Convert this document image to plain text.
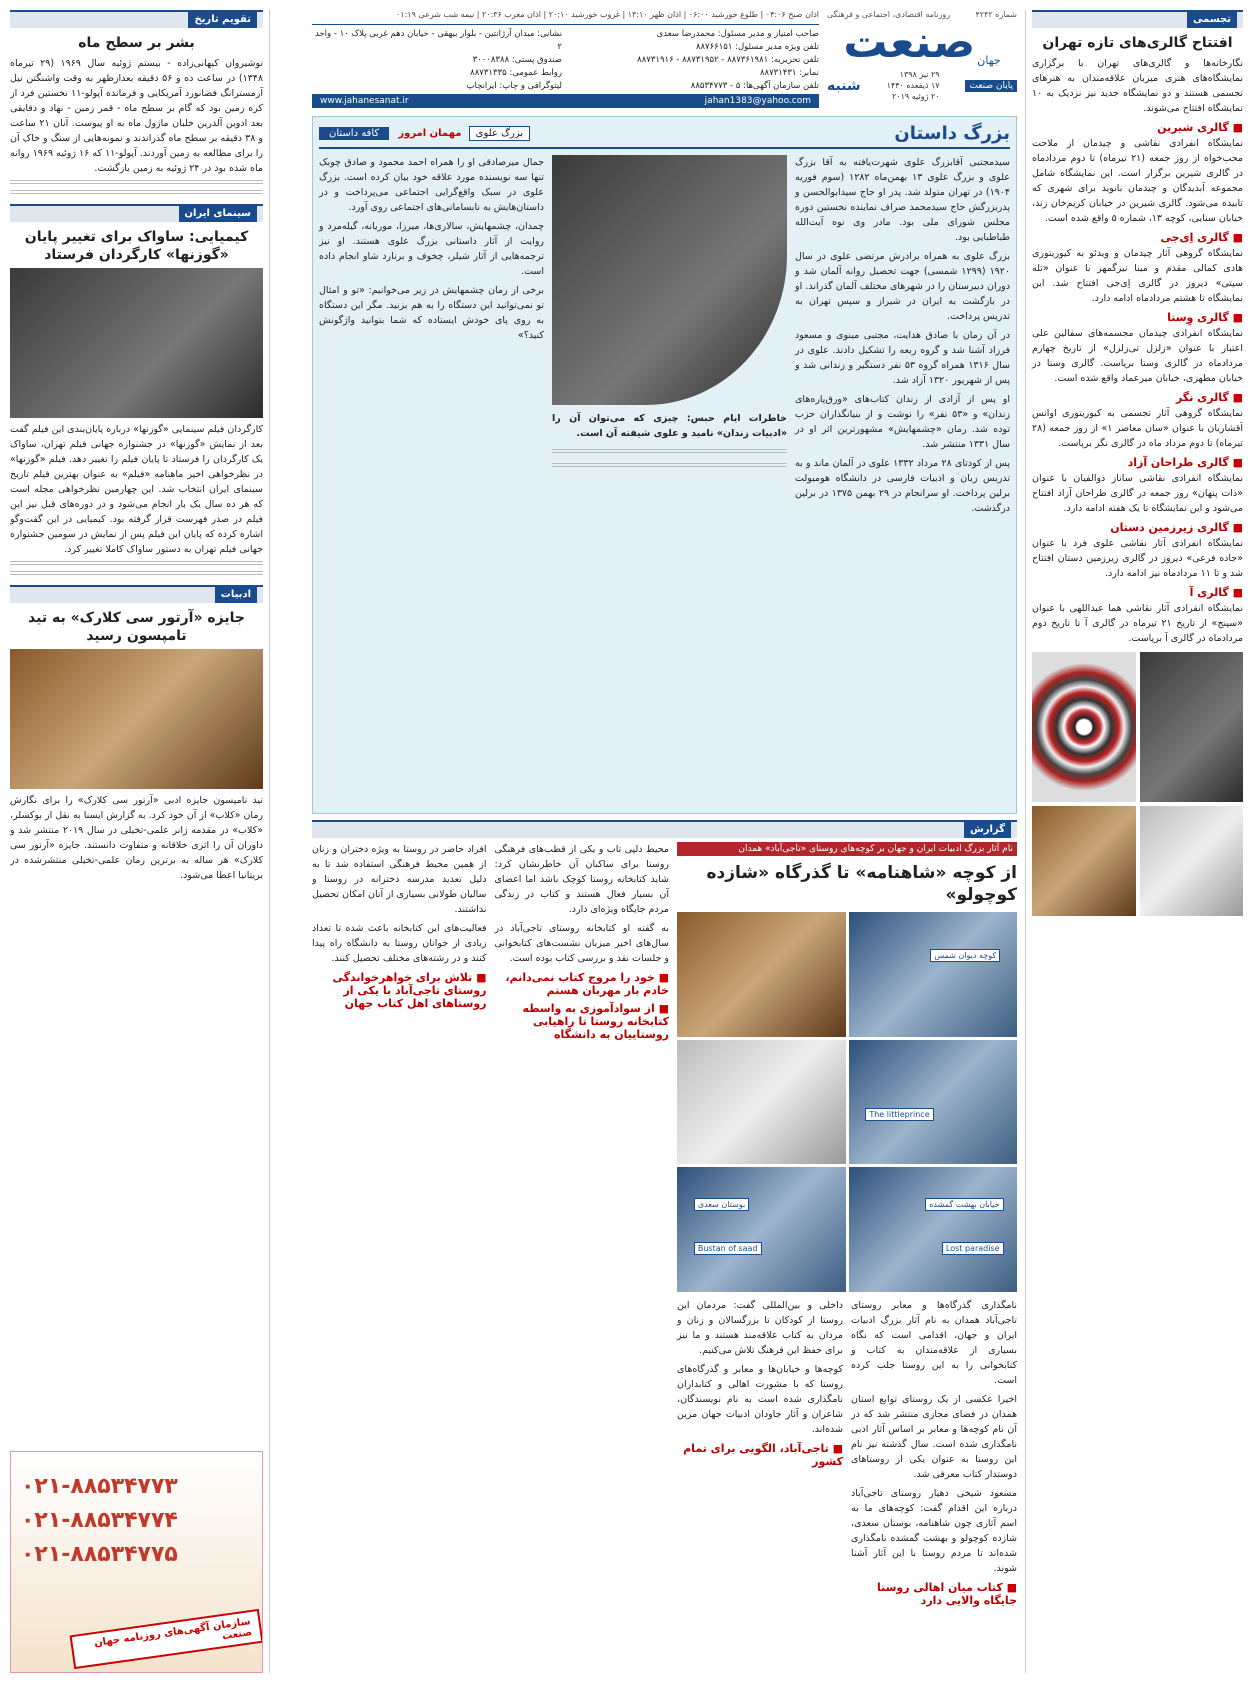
تجسمی
افتتاح گالری‌های تازه تهران

نگارخانه‌ها و گالری‌های تهران با برگزاری نمایشگاه‌های هنری میزبان علاقه‌مندان به هنرهای تجسمی هستند و دو نمایشگاه جدید نیز نزدیک به ۱۰ نمایشگاه افتتاح می‌شوند.

■ گالری شیرین

نمایشگاه انفرادی نقاشی و چیدمان از ملاحت محب‌خواه از روز جمعه (۲۱ تیرماه) تا دوم مردادماه در گالری شیرین برگزار است. این نمایشگاه شامل مجموعه آبدیدگان و چیدمان بانوید برای شهری که تابیده می‌شود. گالری شیرین در خیابان کریم‌خان زند، خیابان سنایی، کوچه ۱۳، شماره ۵ واقع شده است.

■ گالری اِی‌جی

نمایشگاه گروهی آثار چیدمان و ویدئو به کیوریتوری هادی کمالی مقدم و مینا نیزگمهر با عنوان «تله سپتی» دیروز در گالری اِی‌جی افتتاح شد. این نمایشگاه تا هشتم مردادماه ادامه دارد.

■ گالری وِستا

نمایشگاه انفرادی چیدمان مجسمه‌های سفالین علی اعتبار با عنوان «زلزل تی‌زلزل» از تاریخ چهارم مردادماه در گالری وستا برپاست. گالری وستا در خیابان مطهری، خیابان میرعماد واقع شده است.

■ گالری نگر

نمایشگاه گروهی آثار تجسمی به کیوریتوری اوانس آقشاریان با عنوان «سان معاصر ۱» از روز جمعه (۲۸ تیرماه) تا دوم مرداد ماه در گالری نگر برپاست.

■ گالری طراحان آزاد

نمایشگاه انفرادی نقاشی ساناز ذوالفیان با عنوان «ذات پنهان» روز جمعه در گالری طراحان آزاد افتتاح می‌شود و این نمایشگاه تا یک هفته ادامه دارد.

■ گالری زیرزمین دستان

نمایشگاه انفرادی آثار نقاشی علوی فرد با عنوان «جاده فرعی» دیروز در گالری زیرزمین دستان افتتاح شد و تا ۱۱ مردادماه نیز ادامه دارد.

■ گالری آ

نمایشگاه انفرادی آثار نقاشی هما عبداللهی با عنوان «سپنج» از تاریخ ۲۱ تیرماه در گالری آ تا تاریخ دوم مردادماه در گالری آ برپاست.

شماره ۴۲۴۲
روزنامه اقتصادی، اجتماعی و فرهنگی
جهان
صنعت
پایان صنعت
۲۹ تیر ۱۳۹۸
۱۷ ذیقعده ۱۴۴۰
۲۰ ژوئیه ۲۰۱۹
شنبه
اذان صبح ۰۴:۰۶ | طلوع خورشید ۰۶:۰۰ | اذان ظهر ۱۳:۱۰ | غروب خورشید ۲۰:۱۰ | اذان مغرب ۲۰:۳۶ | نیمه شب شرعی ۰۱:۱۹
صاحب امتیاز و مدیر مسئول: محمدرضا سعدی
تلفن ویژه مدیر مسئول: ۸۸۷۶۶۱۵۱
تلفن تحریریه: ۸۸۷۳۶۱۹۸۱ - ۸۸۷۳۱۹۵۲ - ۸۸۷۳۱۹۱۶
نمابر: ۸۸۷۳۱۴۳۱
تلفن سازمان آگهی‌ها: ۵ - ۸۸۵۳۴۷۷۳
نشانی: میدان آرژانتین - بلوار بیهقی - خیابان دهم غربی پلاک ۱۰ - واحد ۲
صندوق پستی: ۳۰۰۰۸۳۸۸
روابط عمومی: ۸۸۷۳۱۳۳۵
لیتوگرافی و چاپ: ایرانچاپ
www.jahanesanat.ir	jahan1383@yahoo.com
بزرگ داستان
بزرگ علوی مهمان امروز کافه داستان

سیدمجتبی آقابزرگ علوی شهرت‌یافته به آقا بزرگ علوی و بزرگ علوی ۱۳ بهمن‌ماه ۱۲۸۲ (سوم فوریه ۱۹۰۴) در تهران متولد شد. پدر او حاج سیدابوالحسن و پدربزرگش حاج سیدمحمد صراف نماینده نخستین دوره مجلس شورای ملی بود. مادر وی نوه آیت‌الله طباطبایی بود.

بزرگ علوی به همراه برادرش مرتضی علوی در سال ۱۹۲۰ (۱۲۹۹ شمسی) جهت تحصیل روانه آلمان شد و دوران دبیرستان را در شهرهای مختلف آلمان گذراند. او در بازگشت به ایران در شیراز و سپس تهران به تدریس پرداخت.

در آن زمان با صادق هدایت، مجتبی مینوی و مسعود فرزاد آشنا شد و گروه ربعه را تشکیل دادند. علوی در سال ۱۳۱۶ همراه گروه ۵۳ نفر دستگیر و زندانی شد و پس از شهریور ۱۳۲۰ آزاد شد.

او پس از آزادی از زندان کتاب‌های «ورق‌پاره‌های زندان» و «۵۳ نفر» را نوشت و از بنیانگذاران حزب توده شد. رمان «چشمهایش» مشهورترین اثر او در سال ۱۳۳۱ منتشر شد.

پس از کودتای ۲۸ مرداد ۱۳۳۲ علوی در آلمان ماند و به تدریس زبان و ادبیات فارسی در دانشگاه هومبولت برلین پرداخت. او سرانجام در ۲۹ بهمن ۱۳۷۵ در برلین درگذشت.

خاطرات ایام حبس: چیزی که می‌توان آن را «ادبیات زندان» نامید و علوی شیفته آن است.

جمال میرصادقی او را همراه احمد محمود و صادق چوبک تنها سه نویسنده مورد علاقه خود بیان کرده است. بزرگ علوی در سبک واقع‌گرایی اجتماعی می‌پرداخت و در داستان‌هایش به نابسامانی‌های اجتماعی روی آورد.

چمدان، چشمهایش، سالاری‌ها، میرزا، موریانه، گیله‌مرد و روایت از آثار داستانی بزرگ علوی هستند. او نیز ترجمه‌هایی از آثار شیلر، چخوف و برنارد شاو انجام داده است.

برخی از رمان چشمهایش در زیر می‌خوانیم: «تو و امثال تو نمی‌توانید این دستگاه را به هم بزنید. مگر این دستگاه به روی پای خودش ایستاده که شما بتوانید واژگونش کنید؟»

گزارش
نام آثار بزرگ ادبیات ایران و جهان بر کوچه‌های روستای «تاجی‌آباد» همدان
از کوچه «شاهنامه» تا گذرگاه «شازده کوچولو»
کوچه دیوان شمس
The littleprince
خیابان بهشت گمشده
Lost paradise
بوستان سعدی
Bustan of saad

نامگذاری گذرگاه‌ها و معابر روستای تاجی‌آباد همدان به نام آثار بزرگ ادبیات ایران و جهان، اقدامی است که نگاه بسیاری از علاقه‌مندان به کتاب و کتابخوانی را به این روستا جلب کرده است.

اخیرا عکسی از یک روستای توابع استان همدان در فضای مجازی منتشر شد که در آن نام کوچه‌ها و معابر بر اساس آثار ادبی نامگذاری شده است. سال گذشته نیز نام این روستا به عنوان یکی از روستاهای دوستدار کتاب معرفی شد.

مسعود شیخی دهیار روستای تاجی‌آباد درباره این اقدام گفت: کوچه‌های ما به اسم آثاری چون شاهنامه، بوستان سعدی، شازده کوچولو و بهشت گمشده نامگذاری شده‌اند تا مردم روستا با این آثار آشنا شوند.

■ کتاب میان اهالی روستا جایگاه والایی دارد

داخلی و بین‌المللی گفت: مردمان این روستا از کودکان تا بزرگسالان و زنان و مردان به کتاب علاقه‌مند هستند و ما نیز برای حفظ این فرهنگ تلاش می‌کنیم.

کوچه‌ها و خیابان‌ها و معابر و گذرگاه‌های روستا که با مشورت اهالی و کتابداران نامگذاری شده است به نام نویسندگان، شاعران و آثار جاودان ادبیات جهان مزین شده‌اند.

■ تاجی‌آباد، الگویی برای تمام کشور

محیط دلپی تاب و یکی از قطب‌های فرهنگی روستا برای ساکنان آن خاطرنشان کرد: شاید کتابخانه روستا کوچک باشد اما اعضای آن بسیار فعال هستند و کتاب در زندگی مردم جایگاه ویژه‌ای دارد.

به گفته او کتابخانه روستای تاجی‌آباد در سال‌های اخیر میزبان نشست‌های کتابخوانی و جلسات نقد و بررسی کتاب بوده است.

■ خود را مروج کتاب نمی‌دانم، خادم بار مهربان هستم
■ از سوادآموزی به واسطه کتابخانه روستا تا راهیابی روستاییان به دانشگاه

افراد حاضر در روستا به ویژه دختران و زنان از همین محیط فرهنگی استفاده شد تا به دلیل تعدید مدرسه دخترانه در روستا و سالیان طولانی بسیاری از آنان امکان تحصیل نداشتند.

فعالیت‌های این کتابخانه باعث شده تا تعداد زیادی از جوانان روستا به دانشگاه راه پیدا کنند و در رشته‌های مختلف تحصیل کنند.

■ تلاش برای خواهرخواندگی روستای تاجی‌آباد با یکی از روستاهای اهل کتاب جهان
تقویم تاریخ
بشر بر سطح ماه

نوشیروان کیهانی‌زاده - بیستم ژوئیه سال ۱۹۶۹ (۲۹ تیرماه ۱۳۴۸) در ساعت ده و ۵۶ دقیقه بعدازظهر به وقت واشنگتن نیل آرمسترانگ فضانورد آمریکایی و فرمانده آپولو-۱۱ نخستین فرد از کره زمین بود که گام بر سطح ماه - قمر زمین - نهاد و دقایقی بعد ادوین آلدرین خلبان ماژول ماه به او پیوست. آنان ۲۱ ساعت و ۳۸ دقیقه بر سطح ماه گذراندند و نمونه‌هایی از سنگ و خاک آن را برای مطالعه به زمین آوردند. آپولو-۱۱ که ۱۶ ژوئیه ۱۹۶۹ روانه ماه شده بود در ۲۴ ژوئیه به زمین بازگشت.

سینمای ایران
کیمیایی: ساواک برای تغییر پایان «گوزنها» کارگردان فرستاد

کارگردان فیلم سینمایی «گوزنها» درباره پایان‌بندی این فیلم گفت بعد از نمایش «گوزنها» در جشنواره جهانی فیلم تهران، ساواک یک کارگردان را فرستاد تا پایان فیلم را تغییر دهد. فیلم «گوزنها» در نظرخواهی اخیر ماهنامه «فیلم» به عنوان بهترین فیلم تاریخ سینمای ایران انتخاب شد. این چهارمین نظرخواهی مجله است که هر ده سال یک بار انجام می‌شود و در دوره‌های قبل نیز این فیلم در صدر فهرست قرار گرفته بود. کیمیایی در این گفت‌وگو اشاره کرده که پایان این فیلم پس از نمایش در سومین جشنواره جهانی فیلم تهران به دستور ساواک کاملا تغییر کرد.

ادبیات
جایزه «آرتور سی کلارک» به تید تامپسون رسید

تید تامپسون جایزه ادبی «آرتور سی کلارک» را برای نگارش رمان «کلاب» از آن خود کرد. به گزارش ایسنا به نقل از بوکسلر، «کلاب» در مقدمه ژانر علمی-تخیلی در سال ۲۰۱۹ منتشر شد و داوران آن را اثری خلاقانه و متفاوت دانستند. جایزه «آرتور سی کلارک» هر ساله به برترین رمان علمی-تخیلی منتشرشده در بریتانیا اعطا می‌شود.

۰۲۱-۸۸۵۳۴۷۷۳
۰۲۱-۸۸۵۳۴۷۷۴
۰۲۱-۸۸۵۳۴۷۷۵
سازمان آگهی‌های روزنامه جهان صنعت
